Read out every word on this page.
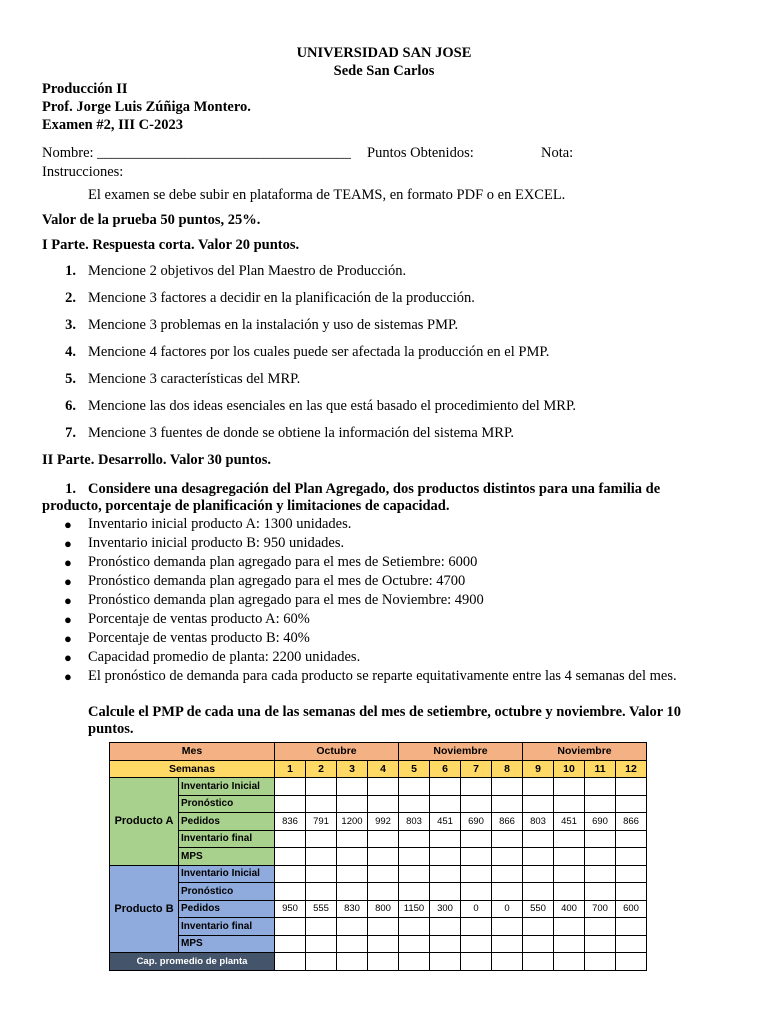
UNIVERSIDAD SAN JOSE
Sede San Carlos
Producción II
Prof. Jorge Luis Zúñiga Montero.
Examen #2, III C-2023
Nombre: ___________________________________ Puntos Obtenidos:	Nota:
Instrucciones:
El examen se debe subir en plataforma de TEAMS, en formato PDF o en EXCEL.
Valor de la prueba 50 puntos, 25%.
I Parte. Respuesta corta. Valor 20 puntos.
1. Mencione 2 objetivos del Plan Maestro de Producción.
2. Mencione 3 factores a decidir en la planificación de la producción.
3. Mencione 3 problemas en la instalación y uso de sistemas PMP.
4. Mencione 4 factores por los cuales puede ser afectada la producción en el PMP.
5. Mencione 3 características del MRP.
6. Mencione las dos ideas esenciales en las que está basado el procedimiento del MRP.
7. Mencione 3 fuentes de donde se obtiene la información del sistema MRP.
II Parte. Desarrollo. Valor 30 puntos.
1. Considere una desagregación del Plan Agregado, dos productos distintos para una familia de
producto, porcentaje de planificación y limitaciones de capacidad.
● Inventario inicial producto A: 1300 unidades.
● Inventario inicial producto B: 950 unidades.
● Pronóstico demanda plan agregado para el mes de Setiembre: 6000
● Pronóstico demanda plan agregado para el mes de Octubre: 4700
● Pronóstico demanda plan agregado para el mes de Noviembre: 4900
● Porcentaje de ventas producto A: 60%
● Porcentaje de ventas producto B: 40%
● Capacidad promedio de planta: 2200 unidades.
● El pronóstico de demanda para cada producto se reparte equitativamente entre las 4 semanas del mes.
Calcule el PMP de cada una de las semanas del mes de setiembre, octubre y noviembre. Valor 10
puntos.
Mes		Octubre				Noviembre				Noviembre			
Semanas		1	2	3	4	5	6	7	8	9	10	11	12
Producto A	Inventario Inicial												
	Pronóstico												
	Pedidos	836	791	1200	992	803	451	690	866	803	451	690	866
	Inventario final												
	MPS												
Producto B	Inventario Inicial												
	Pronóstico												
	Pedidos	950	555	830	800	1150	300	0	0	550	400	700	600
	Inventario final												
	MPS												
Cap. promedio de planta													
